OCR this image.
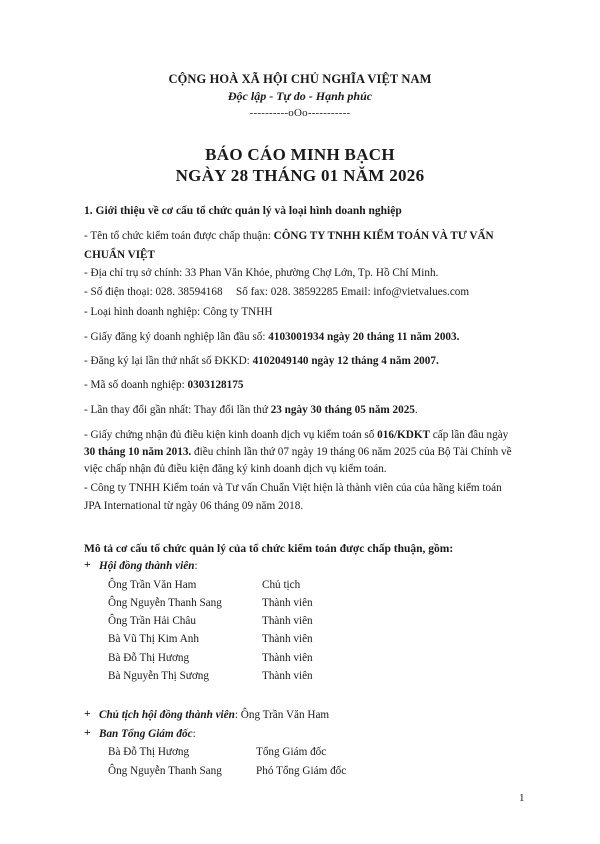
CỘNG HOÀ XÃ HỘI CHỦ NGHĨA VIỆT NAM
Độc lập - Tự do - Hạnh phúc
----------oOo-----------
BÁO CÁO MINH BẠCH
NGÀY 28 THÁNG 01 NĂM 2026
1. Giới thiệu về cơ cấu tổ chức quản lý và loại hình doanh nghiệp
- Tên tổ chức kiểm toán được chấp thuận: CÔNG TY TNHH KIỂM TOÁN VÀ TƯ VẤN
CHUẨN VIỆT
- Địa chỉ trụ sở chính: 33 Phan Văn Khỏe, phường Chợ Lớn, Tp. Hồ Chí Minh.
- Số điện thoại: 028. 38594168 Số fax: 028. 38592285 Email: info@vietvalues.com
- Loại hình doanh nghiệp: Công ty TNHH
- Giấy đăng ký doanh nghiệp lần đầu số: 4103001934 ngày 20 tháng 11 năm 2003.
- Đăng ký lại lần thứ nhất số ĐKKD: 4102049140 ngày 12 tháng 4 năm 2007.
- Mã số doanh nghiệp: 0303128175
- Lần thay đổi gần nhất: Thay đổi lần thứ 23 ngày 30 tháng 05 năm 2025.
- Giấy chứng nhận đủ điều kiện kinh doanh dịch vụ kiểm toán số 016/KDKT cấp lần đầu ngày
30 tháng 10 năm 2013. điều chỉnh lần thứ 07 ngày 19 tháng 06 năm 2025 của Bộ Tài Chính về
việc chấp nhận đủ điều kiện đăng ký kinh doanh dịch vụ kiểm toán.
- Công ty TNHH Kiểm toán và Tư vấn Chuẩn Việt hiện là thành viên của của hãng kiểm toán
JPA International từ ngày 06 tháng 09 năm 2018.
Mô tả cơ cấu tổ chức quản lý của tổ chức kiểm toán được chấp thuận, gồm:
+ Hội đồng thành viên:
Ông Trần Văn Ham	Chủ tịch
Ông Nguyễn Thanh Sang	Thành viên
Ông Trần Hải Châu	Thành viên
Bà Vũ Thị Kim Anh	Thành viên
Bà Đỗ Thị Hương	Thành viên
Bà Nguyễn Thị Sương	Thành viên
+ Chủ tịch hội đồng thành viên: Ông Trần Văn Ham
+ Ban Tổng Giám đốc:
Bà Đỗ Thị Hương	Tổng Giám đốc
Ông Nguyễn Thanh Sang	Phó Tổng Giám đốc
1
